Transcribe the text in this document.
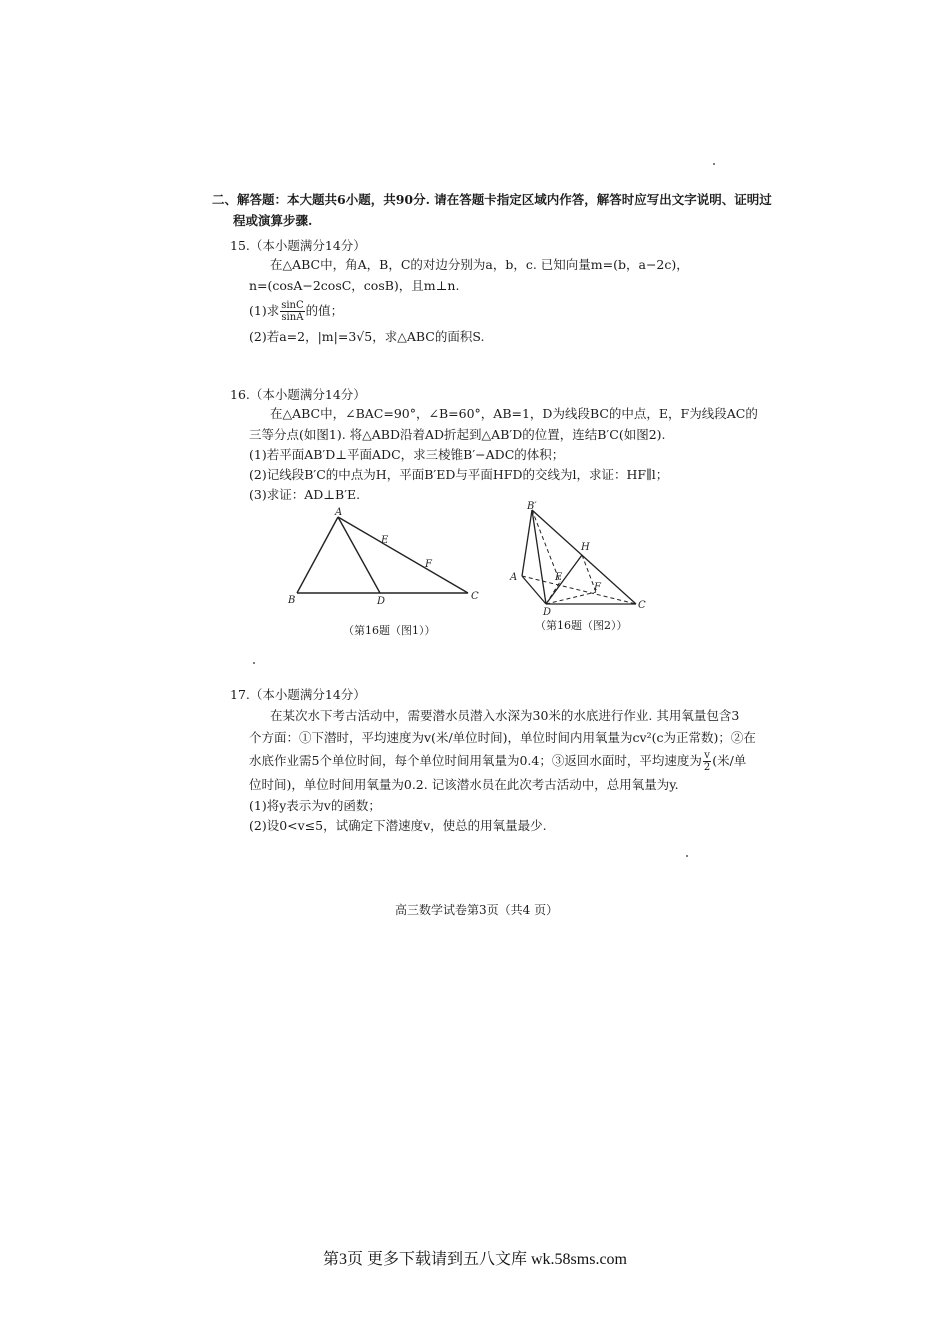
二、解答题：本大题共6小题，共90分. 请在答题卡指定区域内作答，解答时应写出文字说明、证明过
程或演算步骤.
15.（本小题满分14分）
在△ABC中，角A，B，C的对边分别为a，b，c. 已知向量m=(b，a−2c)，
n=(cosA−2cosC，cosB)，且m⊥n.
(1)求 $\frac{\sin C}{\sin A}$ 的值；
(2)若a=2，|m|=3√5，求△ABC的面积S.
16.（本小题满分14分）
在△ABC中，∠BAC=90°，∠B=60°，AB=1，D为线段BC的中点，E，F为线段AC的
三等分点(如图1). 将△ABD沿着AD折起到△AB′D的位置，连结B′C(如图2).
(1)若平面AB′D⊥平面ADC，求三棱锥B′−ADC的体积；
(2)记线段B′C的中点为H，平面B′ED与平面HFD的交线为l，求证：HF∥l；
(3)求证：AD⊥B′E.
A
B	C
D
E
F
（第16题（图1））
B′
H
A	E
F
D
C
（第16题（图2））
17.（本小题满分14分）
在某次水下考古活动中，需要潜水员潜入水深为30米的水底进行作业. 其用氧量包含3
个方面：①下潜时，平均速度为v(米/单位时间)，单位时间内用氧量为cv²(c为正常数)；②在
水底作业需5个单位时间，每个单位时间用氧量为0.4；③返回水面时，平均速度为 $\frac{v}{2}$ (米/单
位时间)，单位时间用氧量为0.2. 记该潜水员在此次考古活动中，总用氧量为y.
(1)将y表示为v的函数；
(2)设0<v≤5，试确定下潜速度v，使总的用氧量最少.
高三数学试卷第3页（共4 页）
第3页 更多下载请到五八文库 wk.58sms.com
